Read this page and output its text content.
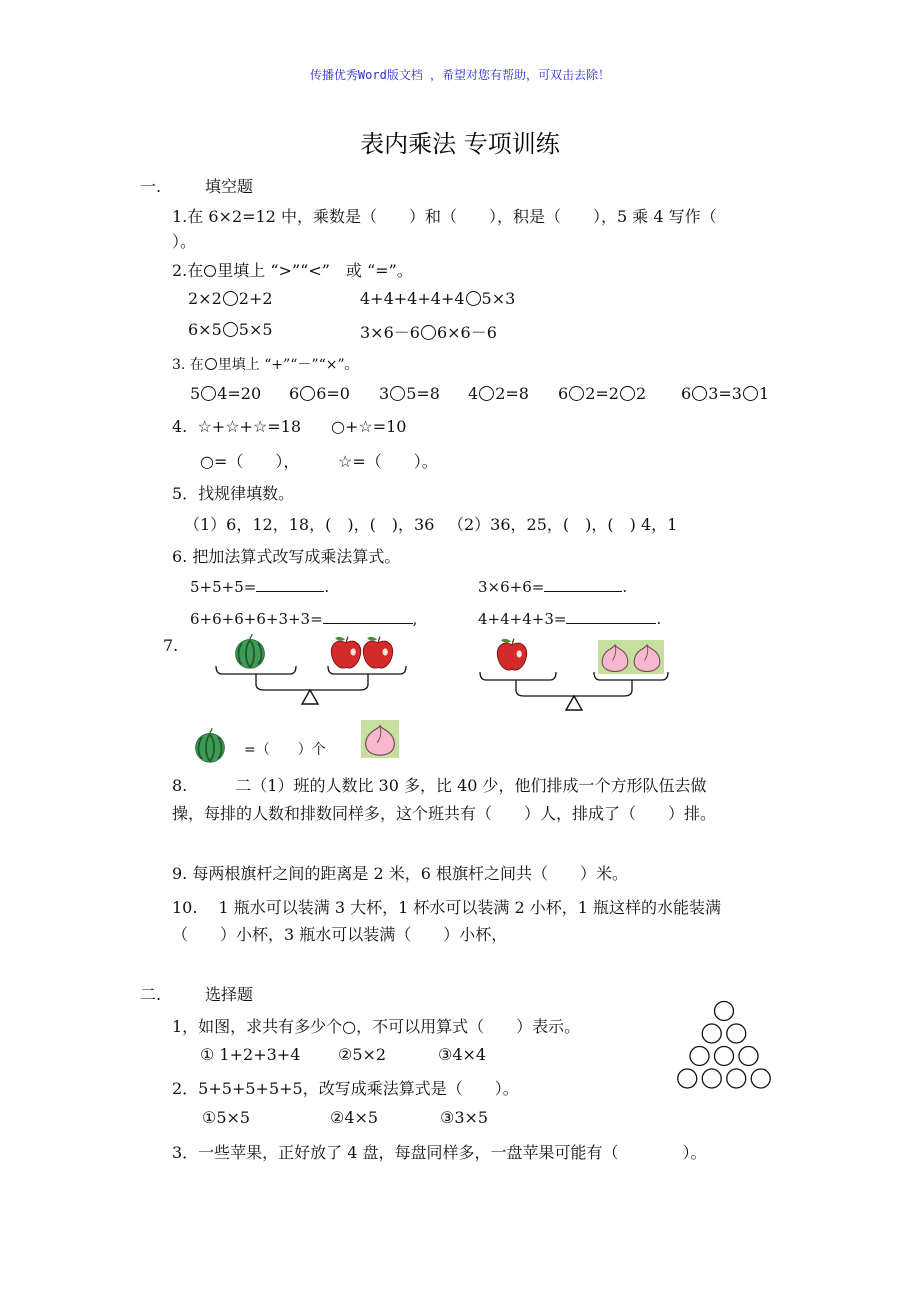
传播优秀Word版文档 ，希望对您有帮助，可双击去除！
表内乘法 专项训练
一.	填空题
1.在 6×2=12 中，乘数是（　　）和（　　），积是（　　），5 乘 4 写作（
）。
2.在 里填上 “>”“<”　或 “=”。
2×2 2+2	4+4+4+4+4 5×3
6×5 5×5	3×6－6 6×6－6
3. 在 里填上 “+”“－”“×”。
5 4=20 6 6=0 3 5=8 4 2=8 6 2=2 2 6 3=3 1
4.  ☆+☆+☆=18 ○+☆=10
○=（　　）， ☆=（　　）。
5．找规律填数。
（1）6，12，18，(　)，(　)，36 （2）36，25，(　)，(　) 4，1
6. 把加法算式改写成乘法算式。
5+5+5=	.	3×6+6=	.
6+6+6+6+3+3=	,	4+4+4+3=	.
7.
=（　　）个
8.　　　二（1）班的人数比 30 多，比 40 少，他们排成一个方形队伍去做
操，每排的人数和排数同样多，这个班共有（　　）人，排成了（　　）排。
9. 每两根旗杆之间的距离是 2 米，6 根旗杆之间共（　　）米。
10.　 1 瓶水可以装满 3 大杯，1 杯水可以装满 2 小杯，1 瓶这样的水能装满
（　　）小杯，3 瓶水可以装满（　　）小杯，
二.	选择题
1，如图，求共有多少个○，不可以用算式（　　）表示。
① 1+2+3+4 ②5×2	③4×4
2．5+5+5+5+5，改写成乘法算式是（　　）。
①5×5	②4×5	③3×5
3．一些苹果，正好放了 4 盘，每盘同样多，一盘苹果可能有（　　　　）。
